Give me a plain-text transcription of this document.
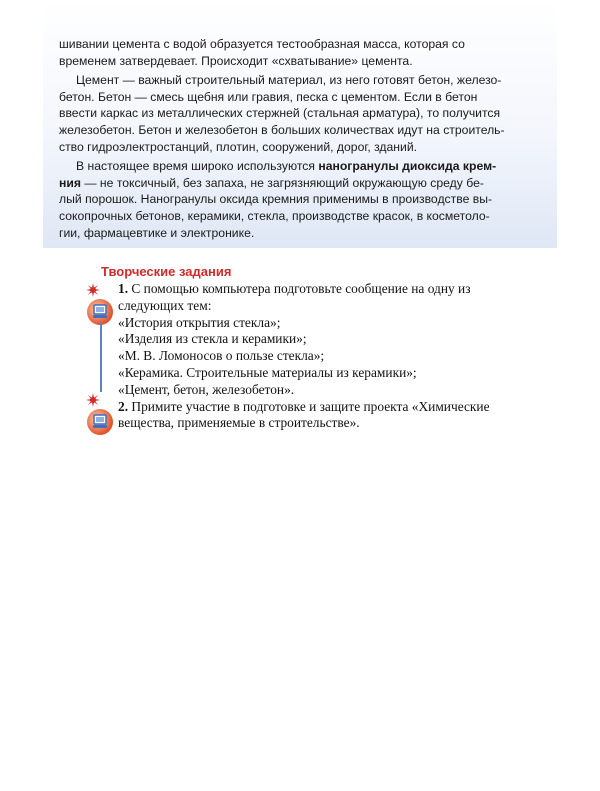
шивании цемента с водой образуется тестообразная масса, которая со
временем затвердевает. Происходит «схватывание» цемента.

Цемент — важный строительный материал, из него готовят бетон, железо-
бетон. Бетон — смесь щебня или гравия, песка с цементом. Если в бетон
ввести каркас из металлических стержней (стальная арматура), то получится
железобетон. Бетон и железобетон в больших количествах идут на строитель-
ство гидроэлектростанций, плотин, сооружений, дорог, зданий.

В настоящее время широко используются наногранулы диоксида крем-
ния — не токсичный, без запаха, не загрязняющий окружающую среду бе-
лый порошок. Наногранулы оксида кремния применимы в производстве вы-
сокопрочных бетонов, керамики, стекла, производстве красок, в косметоло-
гии, фармацевтике и электронике.

Творческие задания

1. С помощью компьютера подготовьте сообщение на одну из
следующих тем:
«История открытия стекла»;
«Изделия из стекла и керамики»;
«М. В. Ломоносов о пользе стекла»;
«Керамика. Строительные материалы из керамики»;
«Цемент, бетон, железобетон».

2. Примите участие в подготовке и защите проекта «Химические
вещества, применяемые в строительстве».
